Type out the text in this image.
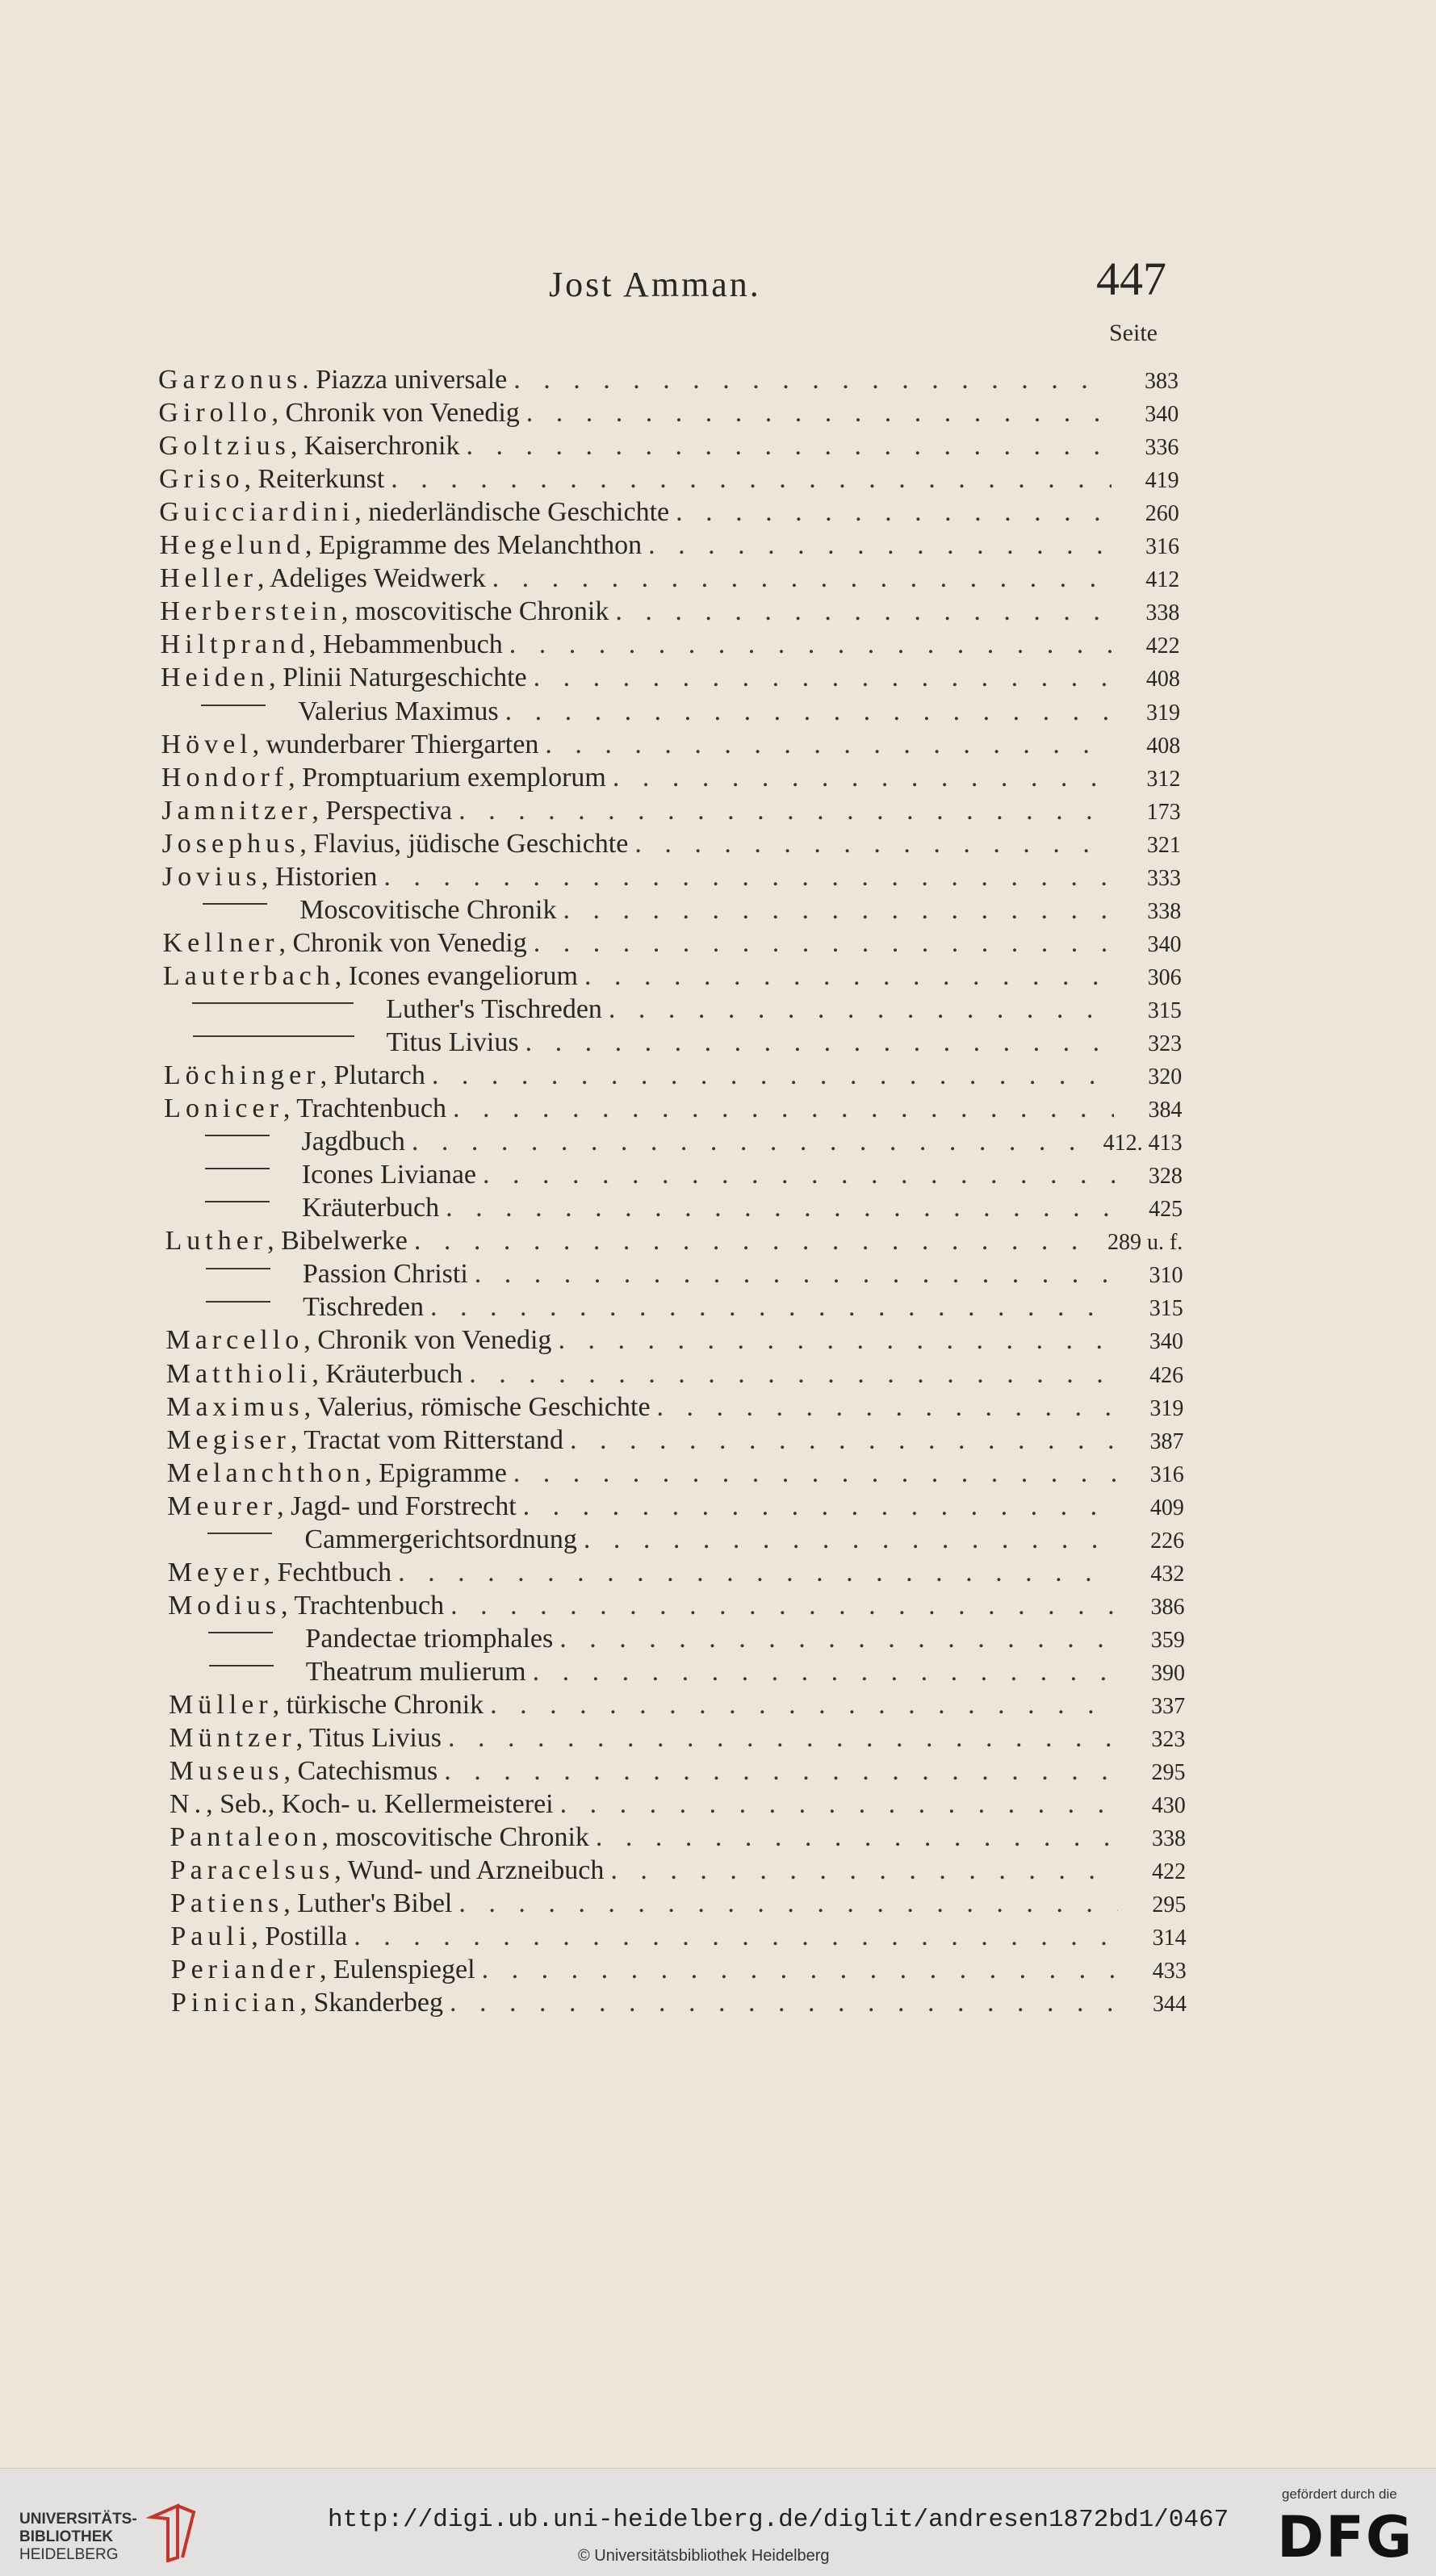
Jost Amman.	447
Seite
Garzonus. Piazza universale . . .	383
Girollo, Chronik von Venedig . . .	340
Goltzius, Kaiserchronik . . .	336
Griso, Reiterkunst . . .	419
Guicciardini, niederländische Geschichte . . .	260
Hegelund, Epigramme des Melanchthon . . .	316
Heller, Adeliges Weidwerk . . .	412
Herberstein, moscovitische Chronik . . .	338
Hiltprand, Hebammenbuch . . .	422
Heiden, Plinii Naturgeschichte . . .	408
Valerius Maximus . . .	319
Hövel, wunderbarer Thiergarten . . .	408
Hondorf, Promptuarium exemplorum . . .	312
Jamnitzer, Perspectiva . . .	173
Josephus, Flavius, jüdische Geschichte . . .	321
Jovius, Historien . . .	333
Moscovitische Chronik . . .	338
Kellner, Chronik von Venedig . . .	340
Lauterbach, Icones evangeliorum . . .	306
Luther's Tischreden . . .	315
Titus Livius . . .	323
Löchinger, Plutarch . . .	320
Lonicer, Trachtenbuch . . .	384
Jagdbuch . . .	412. 413
Icones Livianae . . .	328
Kräuterbuch . . .	425
Luther, Bibelwerke . . .	289 u. f.
Passion Christi . . .	310
Tischreden . . .	315
Marcello, Chronik von Venedig . . .	340
Matthioli, Kräuterbuch . . .	426
Maximus, Valerius, römische Geschichte . . .	319
Megiser, Tractat vom Ritterstand . . .	387
Melanchthon, Epigramme . . .	316
Meurer, Jagd- und Forstrecht . . .	409
Cammergerichtsordnung . . .	226
Meyer, Fechtbuch . . .	432
Modius, Trachtenbuch . . .	386
Pandectae triomphales . . .	359
Theatrum mulierum . . .	390
Müller, türkische Chronik . . .	337
Müntzer, Titus Livius . . .	323
Museus, Catechismus . . .	295
N., Seb., Koch- u. Kellermeisterei . . .	430
Pantaleon, moscovitische Chronik . . .	338
Paracelsus, Wund- und Arzneibuch . . .	422
Patiens, Luther's Bibel . . .	295
Pauli, Postilla . . .	314
Periander, Eulenspiegel . . .	433
Pinician, Skanderbeg . . .	344
UNIVERSITÄTS-
BIBLIOTHEK
HEIDELBERG
http://digi.ub.uni-heidelberg.de/diglit/andresen1872bd1/0467
© Universitätsbibliothek Heidelberg
gefördert durch die
DFG
